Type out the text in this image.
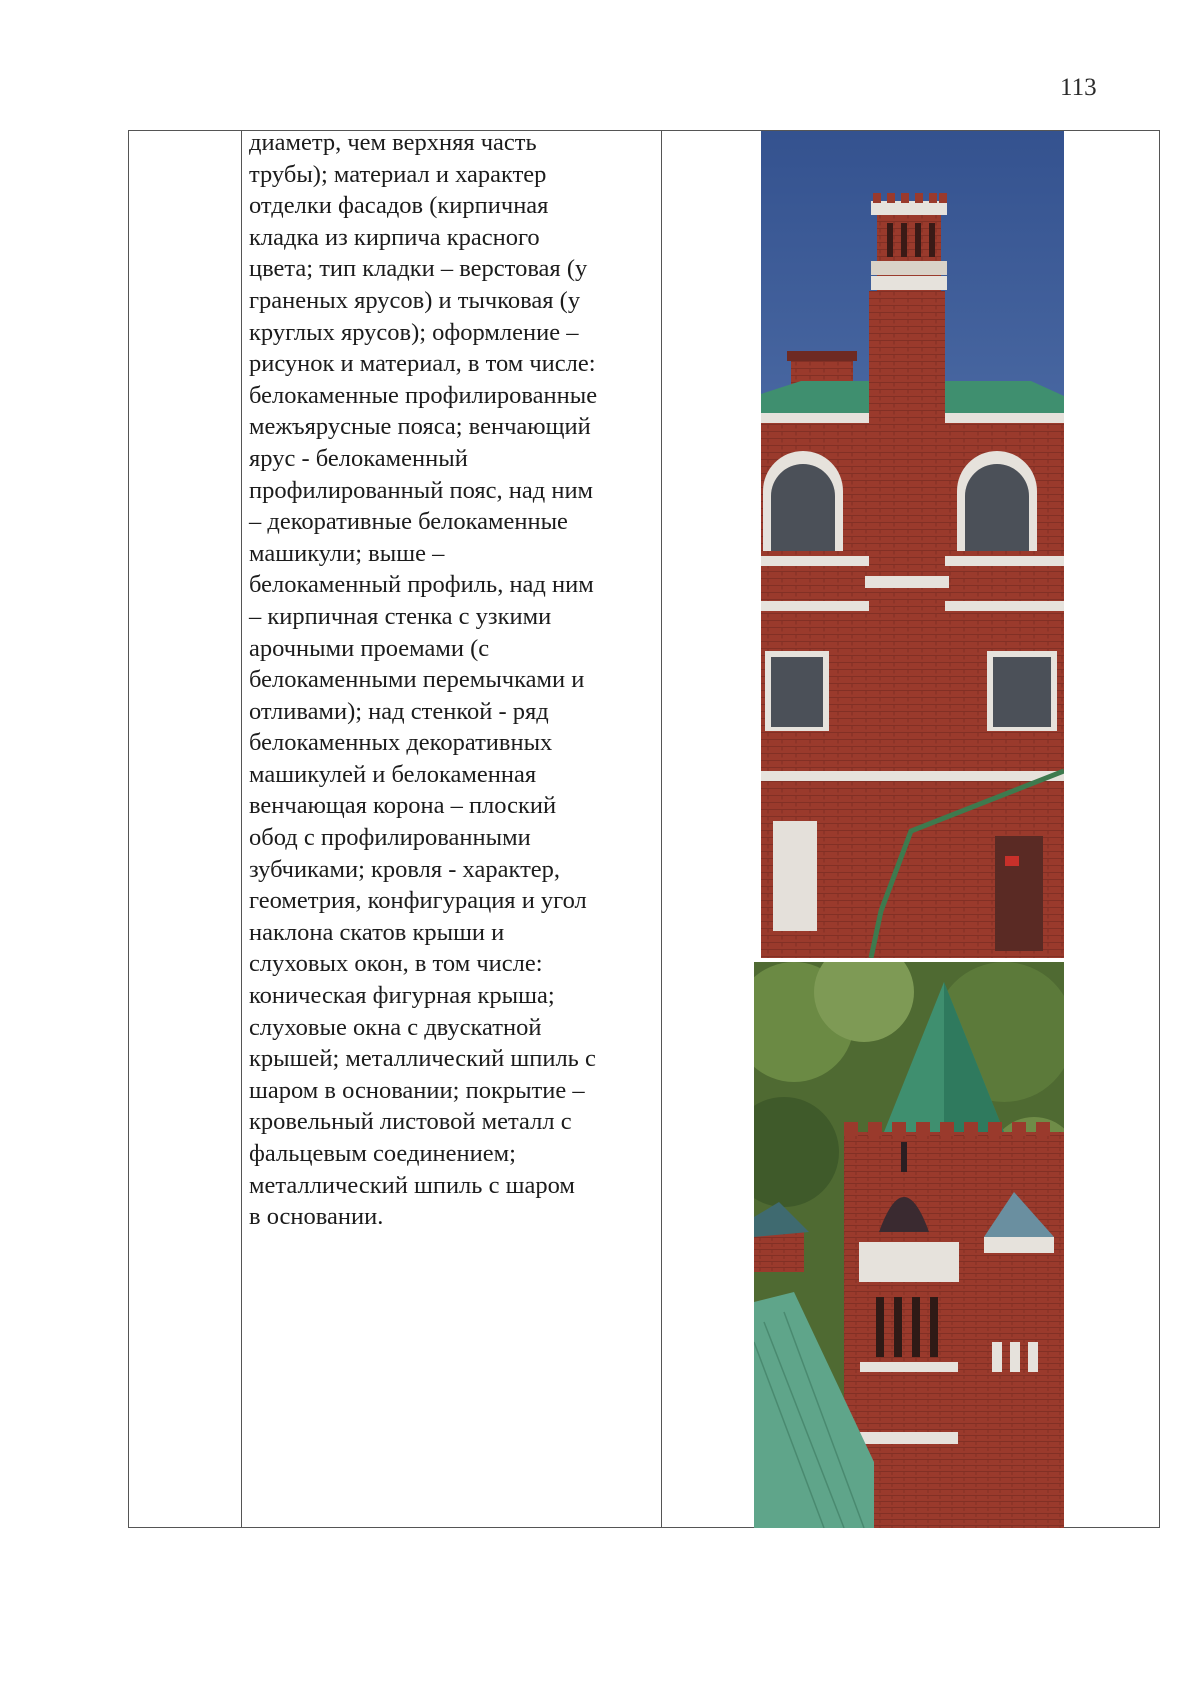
113
диаметр, чем верхняя часть
трубы); материал и характер
отделки фасадов (кирпичная
кладка из кирпича красного
цвета; тип кладки – верстовая (у
граненых ярусов) и тычковая (у
круглых ярусов); оформление –
рисунок и материал, в том числе:
белокаменные профилированные
межъярусные пояса; венчающий
ярус - белокаменный
профилированный пояс, над ним
– декоративные белокаменные
машикули; выше –
белокаменный профиль, над ним
– кирпичная стенка с узкими
арочными проемами (с
белокаменными перемычками и
отливами); над стенкой - ряд
белокаменных декоративных
машикулей и белокаменная
венчающая корона – плоский
обод с профилированными
зубчиками; кровля - характер,
геометрия, конфигурация и угол
наклона скатов крыши и
слуховых окон, в том числе:
коническая фигурная крыша;
слуховые окна с двускатной
крышей; металлический шпиль с
шаром в основании; покрытие –
кровельный листовой металл с
фальцевым соединением;
металлический шпиль с шаром
в основании.
